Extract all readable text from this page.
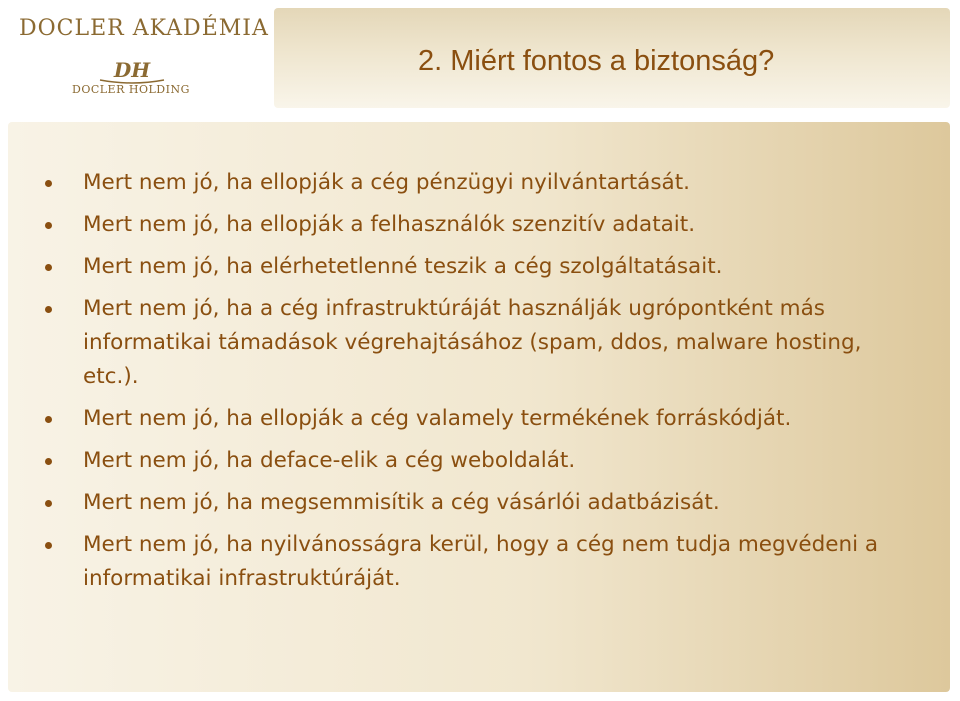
DOCLER AKADÉMIA
DH
DOCLER HOLDING
2. Miért fontos a biztonság?
Mert nem jó, ha ellopják a cég pénzügyi nyilvántartását.
Mert nem jó, ha ellopják a felhasználók szenzitív adatait.
Mert nem jó, ha elérhetetlenné teszik a cég szolgáltatásait.
Mert nem jó, ha a cég infrastruktúráját használják ugrópontként más informatikai támadások végrehajtásához (spam, ddos, malware hosting, etc.).
Mert nem jó, ha ellopják a cég valamely termékének forráskódját.
Mert nem jó, ha deface-elik a cég weboldalát.
Mert nem jó, ha megsemmisítik a cég vásárlói adatbázisát.
Mert nem jó, ha nyilvánosságra kerül, hogy a cég nem tudja megvédeni a informatikai infrastruktúráját.
